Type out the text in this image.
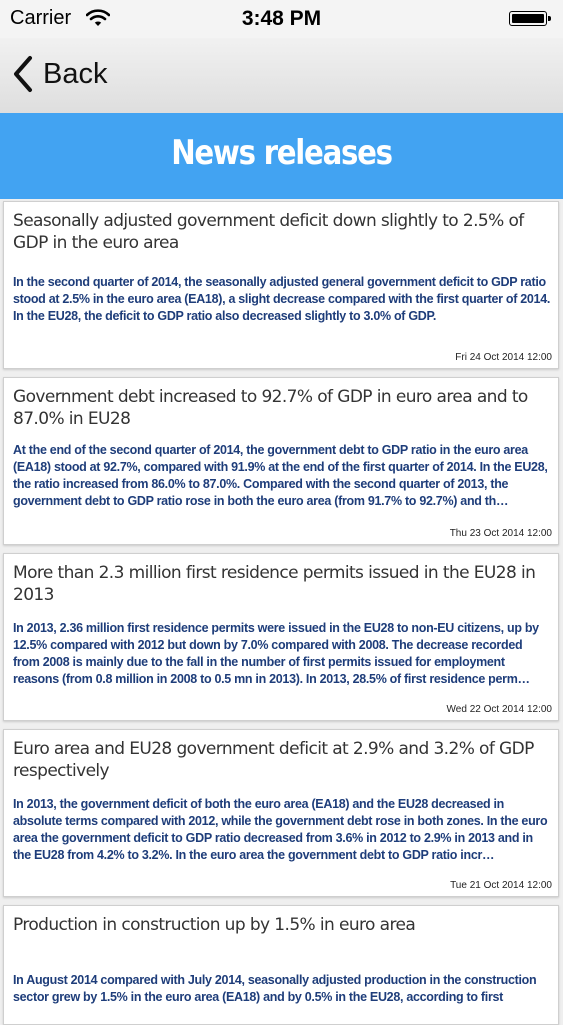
Carrier	3:48 PM
Back
News releases
Seasonally adjusted government deficit down slightly to 2.5% of GDP in the euro area
In the second quarter of 2014, the seasonally adjusted general government deficit to GDP ratio stood at 2.5% in the euro area (EA18), a slight decrease compared with the first quarter of 2014. In the EU28, the deficit to GDP ratio also decreased slightly to 3.0% of GDP.
Fri 24 Oct 2014 12:00
Government debt increased to 92.7% of GDP in euro area and to 87.0% in EU28
At the end of the second quarter of 2014, the government debt to GDP ratio in the euro area (EA18) stood at 92.7%, compared with 91.9% at the end of the first quarter of 2014. In the EU28, the ratio increased from 86.0% to 87.0%. Compared with the second quarter of 2013, the government debt to GDP ratio rose in both the euro area (from 91.7% to 92.7%) and th…
Thu 23 Oct 2014 12:00
More than 2.3 million first residence permits issued in the EU28 in 2013
In 2013, 2.36 million first residence permits were issued in the EU28 to non-EU citizens, up by 12.5% compared with 2012 but down by 7.0% compared with 2008. The decrease recorded from 2008 is mainly due to the fall in the number of first permits issued for employment reasons (from 0.8 million in 2008 to 0.5 mn in 2013). In 2013, 28.5% of first residence perm…
Wed 22 Oct 2014 12:00
Euro area and EU28 government deficit at 2.9% and 3.2% of GDP respectively
In 2013, the government deficit of both the euro area (EA18) and the EU28 decreased in absolute terms compared with 2012, while the government debt rose in both zones. In the euro area the government deficit to GDP ratio decreased from 3.6% in 2012 to 2.9% in 2013 and in the EU28 from 4.2% to 3.2%. In the euro area the government debt to GDP ratio incr…
Tue 21 Oct 2014 12:00
Production in construction up by 1.5% in euro area
In August 2014 compared with July 2014, seasonally adjusted production in the construction sector grew by 1.5% in the euro area (EA18) and by 0.5% in the EU28, according to first
